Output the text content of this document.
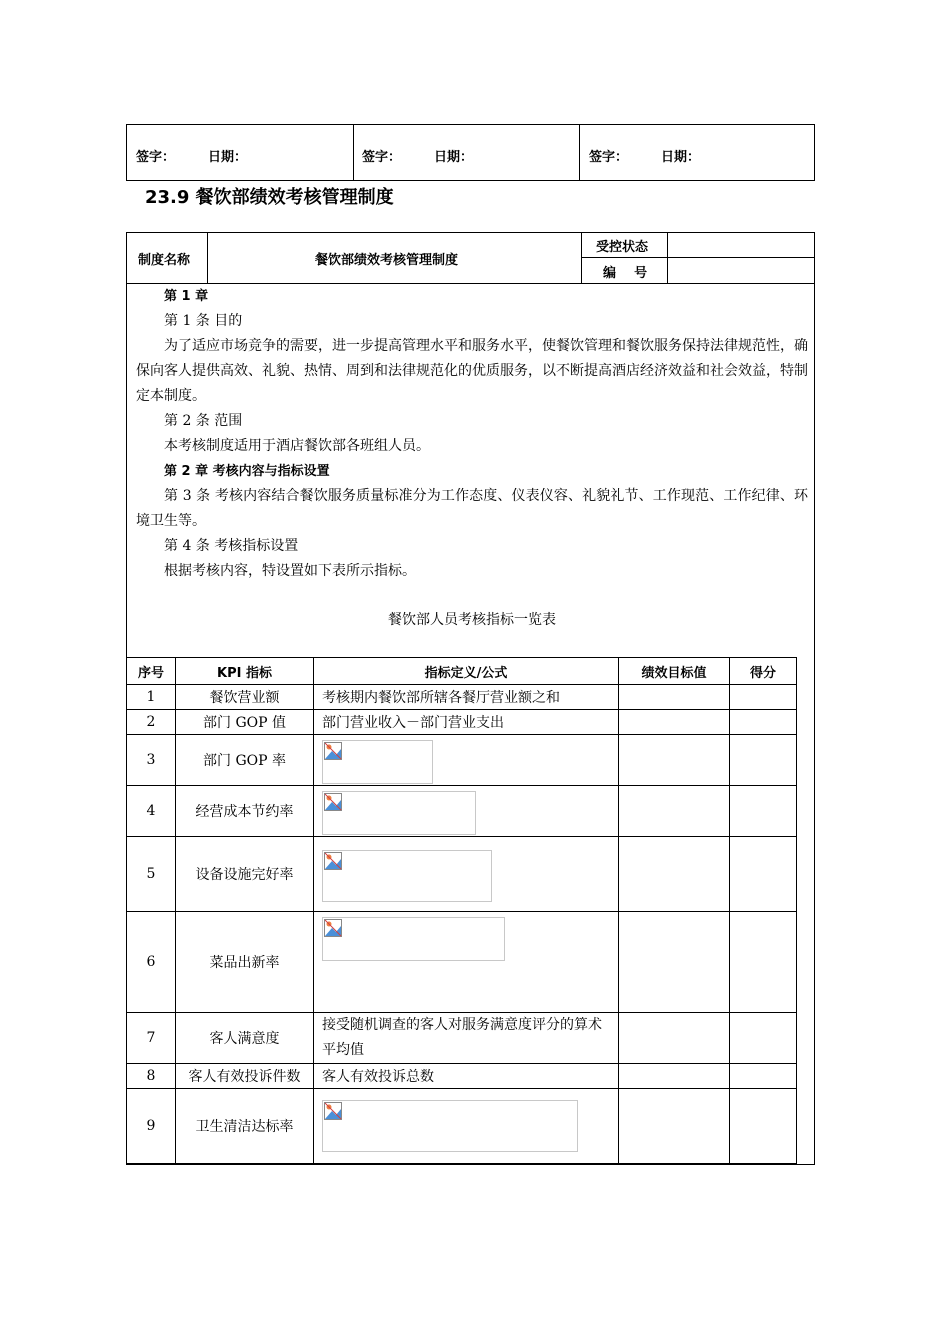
签字：	日期：	签字：	日期：	签字：	日期：
23.9 餐饮部绩效考核管理制度
制度名称	餐饮部绩效考核管理制度
受控状态
编    号
第 1 章
第 1 条 目的
为了适应市场竞争的需要，进一步提高管理水平和服务水平，使餐饮管理和餐饮服务保持法律规范性，确保向客人提供高效、礼貌、热情、周到和法律规范化的优质服务，以不断提高酒店经济效益和社会效益，特制定本制度。
第 2 条 范围
本考核制度适用于酒店餐饮部各班组人员。
第 2 章 考核内容与指标设置
第 3 条 考核内容结合餐饮服务质量标准分为工作态度、仪表仪容、礼貌礼节、工作现范、工作纪律、环境卫生等。
第 4 条 考核指标设置
根据考核内容，特设置如下表所示指标。
餐饮部人员考核指标一览表
序号	KPI 指标	指标定义/公式	绩效目标值	得分
1	餐饮营业额	考核期内餐饮部所辖各餐厅营业额之和		
2	部门 GOP 值	部门营业收入－部门营业支出		
3	部门 GOP 率	

4	经营成本节约率	

5	设备设施完好率	

6	菜品出新率	

7	客人满意度	接受随机调查的客人对服务满意度评分的算术平均值		
8	客人有效投诉件数	客人有效投诉总数		
9	卫生清洁达标率	
